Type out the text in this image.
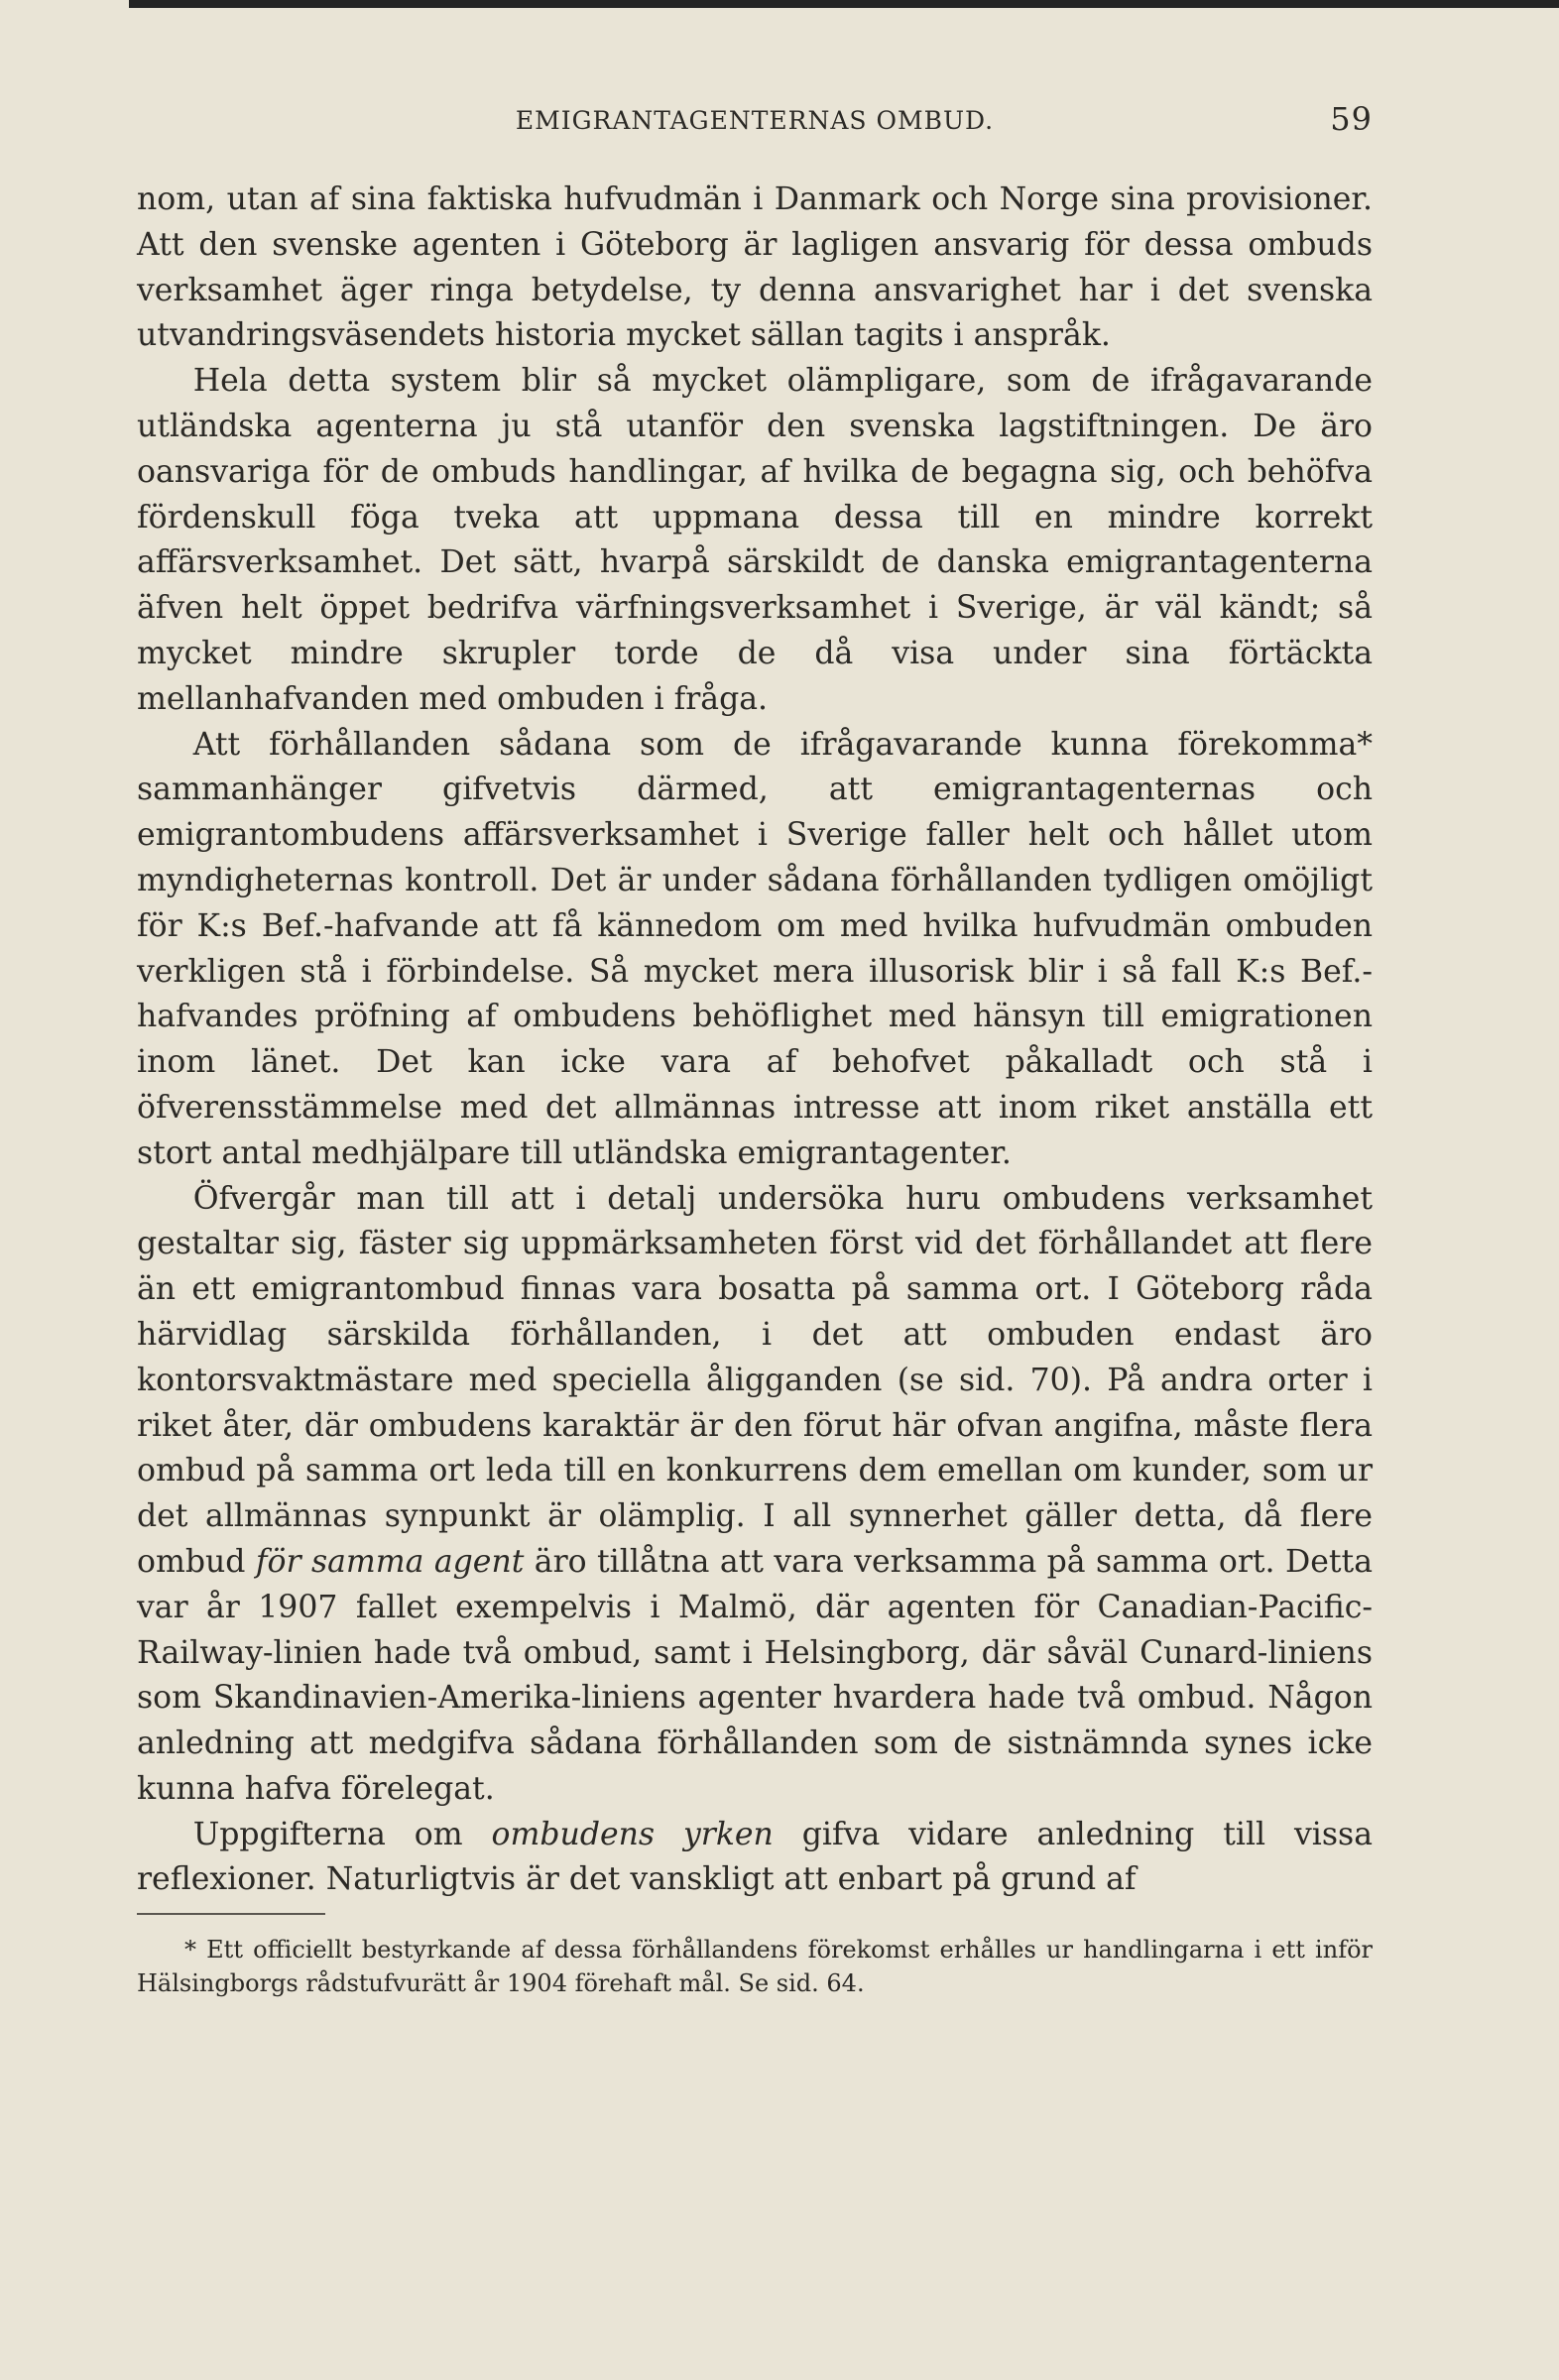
EMIGRANTAGENTERNAS OMBUD.	59

nom, utan af sina faktiska hufvudmän i Danmark och Norge sina provisioner. Att den svenske agenten i Göteborg är lagligen ansvarig för dessa ombuds verksamhet äger ringa betydelse, ty denna ansvarighet har i det svenska utvandringsväsendets historia mycket sällan tagits i anspråk.

Hela detta system blir så mycket olämpligare, som de ifrågavarande utländska agenterna ju stå utanför den svenska lagstiftningen. De äro oansvariga för de ombuds handlingar, af hvilka de begagna sig, och behöfva fördenskull föga tveka att uppmana dessa till en mindre korrekt affärsverksamhet. Det sätt, hvarpå särskildt de danska emigrantagenterna äfven helt öppet bedrifva värfningsverksamhet i Sverige, är väl kändt; så mycket mindre skrupler torde de då visa under sina förtäckta mellanhafvanden med ombuden i fråga.

Att förhållanden sådana som de ifrågavarande kunna förekomma* sammanhänger gifvetvis därmed, att emigrantagenternas och emigrantombudens affärsverksamhet i Sverige faller helt och hållet utom myndigheternas kontroll. Det är under sådana förhållanden tydligen omöjligt för K:s Bef.-hafvande att få kännedom om med hvilka hufvudmän ombuden verkligen stå i förbindelse. Så mycket mera illusorisk blir i så fall K:s Bef.-hafvandes pröfning af ombudens behöflighet med hänsyn till emigrationen inom länet. Det kan icke vara af behofvet påkalladt och stå i öfverensstämmelse med det allmännas intresse att inom riket anställa ett stort antal medhjälpare till utländska emigrantagenter.

Öfvergår man till att i detalj undersöka huru ombudens verksamhet gestaltar sig, fäster sig uppmärksamheten först vid det förhållandet att flere än ett emigrantombud finnas vara bosatta på samma ort. I Göteborg råda härvidlag särskilda förhållanden, i det att ombuden endast äro kontorsvaktmästare med speciella åligganden (se sid. 70). På andra orter i riket åter, där ombudens karaktär är den förut här ofvan angifna, måste flera ombud på samma ort leda till en konkurrens dem emellan om kunder, som ur det allmännas synpunkt är olämplig. I all synnerhet gäller detta, då flere ombud för samma agent äro tillåtna att vara verksamma på samma ort. Detta var år 1907 fallet exempelvis i Malmö, där agenten för Canadian-Pacific-Railway-linien hade två ombud, samt i Helsingborg, där såväl Cunard-liniens som Skandinavien-Amerika-liniens agenter hvardera hade två ombud. Någon anledning att medgifva sådana förhållanden som de sistnämnda synes icke kunna hafva förelegat.

Uppgifterna om ombudens yrken gifva vidare anledning till vissa reflexioner. Naturligtvis är det vanskligt att enbart på grund af

* Ett officiellt bestyrkande af dessa förhållandens förekomst erhålles ur handlingarna i ett inför Hälsingborgs rådstufvurätt år 1904 förehaft mål. Se sid. 64.
